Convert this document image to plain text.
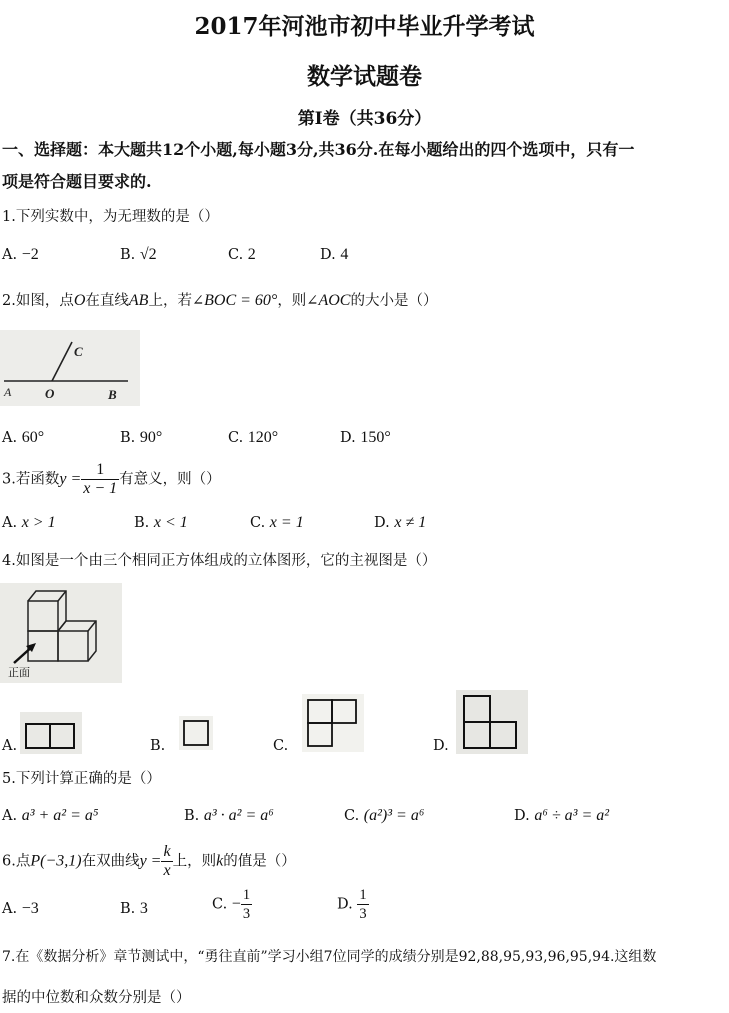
2017年河池市初中毕业升学考试
数学试题卷
第Ⅰ卷（共36分）
一、选择题：本大题共12个小题,每小题3分,共36分.在每小题给出的四个选项中，只有一
项是符合题目要求的.
1.下列实数中，为无理数的是（）
A. −2	B. √2	C. 2	D. 4
2.如图，点O在直线AB上，若∠BOC = 60°，则∠AOC的大小是（）
A	O	B
C
A. 60°	B. 90°	C. 120°	D. 150°
3.若函数$y = \frac{1}{x - 1}$ 有意义，则（）
A. x > 1	B. x < 1	C. x = 1	D. x ≠ 1
4.如图是一个由三个相同正方体组成的立体图形，它的主视图是（）
正面
A.	B.	C.	D.
5.下列计算正确的是（）
A. a³ + a² = a⁵	B. a³ · a² = a⁶	C. (a²)³ = a⁶	D. a⁶ ÷ a³ = a²
6.点P(−3,1)在双曲线$y = \frac{k}{x}$ 上，则k的值是（）
A. −3	B. 3	C. − $\frac{1}{3}$	D. $\frac{1}{3}$
7.在《数据分析》章节测试中，“勇往直前”学习小组7位同学的成绩分别是92,88,95,93,96,95,94.这组数
据的中位数和众数分别是（）
